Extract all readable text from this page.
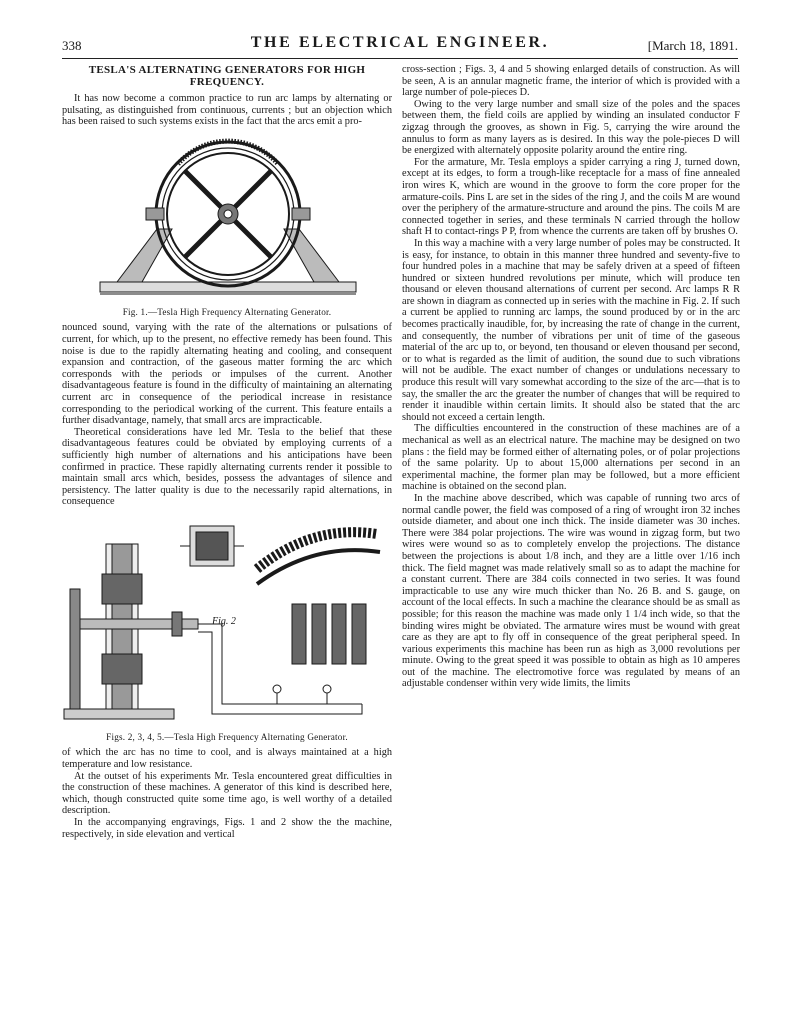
338	THE ELECTRICAL ENGINEER.	[March 18, 1891.
TESLA'S ALTERNATING GENERATORS FOR HIGH FREQUENCY.

It has now become a common practice to run arc lamps by alternating or pulsating, as distinguished from continuous, currents ; but an objection which has been raised to such systems exists in the fact that the arcs emit a pro-

Fig. 1.—Tesla High Frequency Alternating Generator.

nounced sound, varying with the rate of the alternations or pulsations of current, for which, up to the present, no effective remedy has been found. This noise is due to the rapidly alternating heating and cooling, and consequent expansion and contraction, of the gaseous matter forming the arc which corresponds with the periods or impulses of the current. Another disadvantageous feature is found in the difficulty of maintaining an alternating current arc in consequence of the periodical increase in resistance corresponding to the periodical working of the current. This feature entails a further disadvantage, namely, that small arcs are impracticable.

Theoretical considerations have led Mr. Tesla to the belief that these disadvantageous features could be obviated by employing currents of a sufficiently high number of alternations and his anticipations have been confirmed in practice. These rapidly alternating currents render it possible to maintain small arcs which, besides, possess the advantages of silence and persistency. The latter quality is due to the necessarily rapid alternations, in consequence

Fig. 2
Figs. 2, 3, 4, 5.—Tesla High Frequency Alternating Generator.

of which the arc has no time to cool, and is always maintained at a high temperature and low resistance.

At the outset of his experiments Mr. Tesla encountered great difficulties in the construction of these machines. A generator of this kind is described here, which, though constructed quite some time ago, is well worthy of a detailed description.

In the accompanying engravings, Figs. 1 and 2 show the the machine, respectively, in side elevation and vertical

cross-section ; Figs. 3, 4 and 5 showing enlarged details of construction. As will be seen, A is an annular magnetic frame, the interior of which is provided with a large number of pole-pieces D.

Owing to the very large number and small size of the poles and the spaces between them, the field coils are applied by winding an insulated conductor F zigzag through the grooves, as shown in Fig. 5, carrying the wire around the annulus to form as many layers as is desired. In this way the pole-pieces D will be energized with alternately opposite polarity around the entire ring.

For the armature, Mr. Tesla employs a spider carrying a ring J, turned down, except at its edges, to form a trough-like receptacle for a mass of fine annealed iron wires K, which are wound in the groove to form the core proper for the armature-coils. Pins L are set in the sides of the ring J, and the coils M are wound over the periphery of the armature-structure and around the pins. The coils M are connected together in series, and these terminals N carried through the hollow shaft H to contact-rings P P, from whence the currents are taken off by brushes O.

In this way a machine with a very large number of poles may be constructed. It is easy, for instance, to obtain in this manner three hundred and seventy-five to four hundred poles in a machine that may be safely driven at a speed of fifteen hundred or sixteen hundred revolutions per minute, which will produce ten thousand or eleven thousand alternations of current per second. Arc lamps R R are shown in diagram as connected up in series with the machine in Fig. 2. If such a current be applied to running arc lamps, the sound produced by or in the arc becomes practically inaudible, for, by increasing the rate of change in the current, and consequently, the number of vibrations per unit of time of the gaseous material of the arc up to, or beyond, ten thousand or eleven thousand per second, or to what is regarded as the limit of audition, the sound due to such vibrations will not be audible. The exact number of changes or undulations necessary to produce this result will vary somewhat according to the size of the arc—that is to say, the smaller the arc the greater the number of changes that will be required to render it inaudible within certain limits. It should also be stated that the arc should not exceed a certain length.

The difficulties encountered in the construction of these machines are of a mechanical as well as an electrical nature. The machine may be designed on two plans : the field may be formed either of alternating poles, or of polar projections of the same polarity. Up to about 15,000 alternations per second in an experimental machine, the former plan may be followed, but a more efficient machine is obtained on the second plan.

In the machine above described, which was capable of running two arcs of normal candle power, the field was composed of a ring of wrought iron 32 inches outside diameter, and about one inch thick. The inside diameter was 30 inches. There were 384 polar projections. The wire was wound in zigzag form, but two wires were wound so as to completely envelop the projections. The distance between the projections is about 1/8 inch, and they are a little over 1/16 inch thick. The field magnet was made relatively small so as to adapt the machine for a constant current. There are 384 coils connected in two series. It was found impracticable to use any wire much thicker than No. 26 B. and S. gauge, on account of the local effects. In such a machine the clearance should be as small as possible; for this reason the machine was made only 1 1/4 inch wide, so that the binding wires might be obviated. The armature wires must be wound with great care as they are apt to fly off in consequence of the great peripheral speed. In various experiments this machine has been run as high as 3,000 revolutions per minute. Owing to the great speed it was possible to obtain as high as 10 amperes out of the machine. The electromotive force was regulated by means of an adjustable condenser within very wide limits, the limits
